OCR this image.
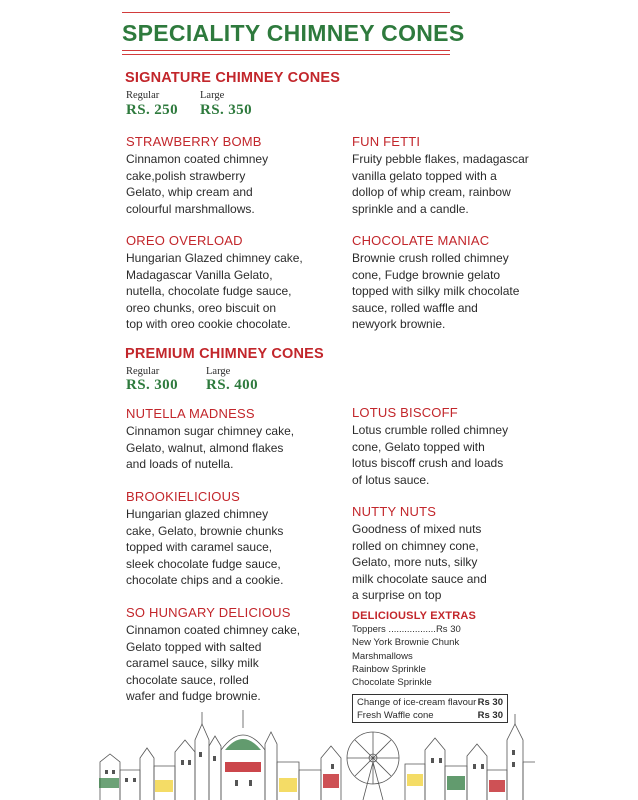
SPECIALITY CHIMNEY CONES
SIGNATURE CHIMNEY CONES
Regular	Large
RS. 250 RS. 350
STRAWBERRY BOMB
Cinnamon coated chimney
cake,polish strawberry
Gelato, whip cream and
colourful marshmallows.
FUN FETTI
Fruity pebble flakes, madagascar
vanilla gelato topped with a
dollop of whip cream, rainbow
sprinkle and a candle.
OREO OVERLOAD
Hungarian Glazed chimney cake,
Madagascar Vanilla Gelato,
nutella, chocolate fudge sauce,
oreo chunks, oreo biscuit on
top with oreo cookie chocolate.
CHOCOLATE MANIAC
Brownie crush rolled chimney
cone, Fudge brownie gelato
topped with silky milk chocolate
sauce, rolled waffle and
newyork brownie.
PREMIUM CHIMNEY CONES
Regular	Large
RS. 300 RS. 400
NUTELLA MADNESS
Cinnamon sugar chimney cake,
Gelato, walnut, almond flakes
and loads of nutella.
LOTUS BISCOFF
Lotus crumble rolled chimney
cone, Gelato topped with
lotus biscoff crush and loads
of lotus sauce.
BROOKIELICIOUS
Hungarian glazed chimney
cake, Gelato, brownie chunks
topped with caramel sauce,
sleek chocolate fudge sauce,
chocolate chips and a cookie.
NUTTY NUTS
Goodness of mixed nuts
rolled on chimney cone,
Gelato, more nuts, silky
milk chocolate sauce and
a surprise on top
SO HUNGARY DELICIOUS
Cinnamon coated chimney cake,
Gelato topped with salted
caramel sauce, silky milk
chocolate sauce, rolled
wafer and fudge brownie.
DELICIOUSLY EXTRAS
Toppers ..................Rs 30
New York Brownie Chunk
Marshmallows
Rainbow Sprinkle
Chocolate Sprinkle
Change of ice-cream flavour Rs 30
Fresh Waffle cone	Rs 30
